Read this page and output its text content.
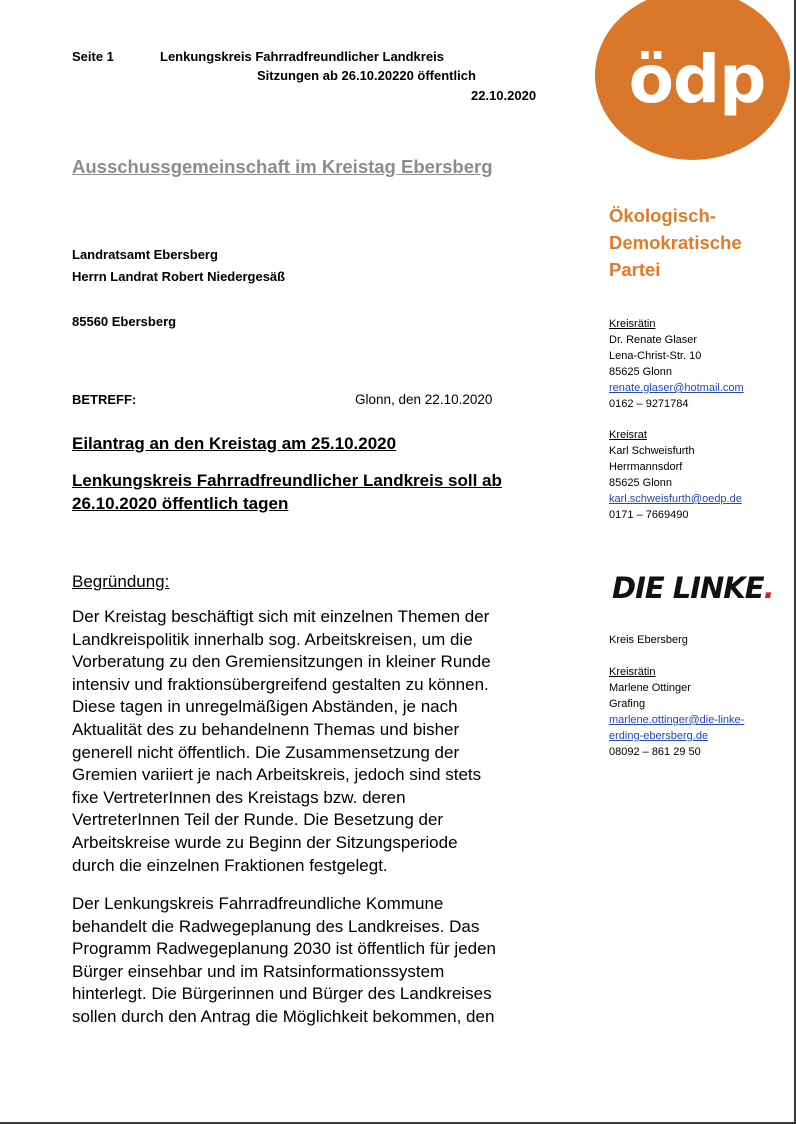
Seite 1	Lenkungskreis Fahrradfreundlicher Landkreis
Sitzungen ab 26.10.20220 öffentlich
22.10.2020 ödp
Ökologisch-
Demokratische
Partei
Ausschussgemeinschaft im Kreistag Ebersberg
Landratsamt Ebersberg
Herrn Landrat Robert Niedergesäß
85560 Ebersberg
BETREFF:	Glonn, den 22.10.2020
Eilantrag an den Kreistag am 25.10.2020
Lenkungskreis Fahrradfreundlicher Landkreis soll ab
26.10.2020 öffentlich tagen
Begründung:
Der Kreistag beschäftigt sich mit einzelnen Themen der
Landkreispolitik innerhalb sog. Arbeitskreisen, um die
Vorberatung zu den Gremiensitzungen in kleiner Runde
intensiv und fraktionsübergreifend gestalten zu können.
Diese tagen in unregelmäßigen Abständen, je nach
Aktualität des zu behandelnenn Themas und bisher
generell nicht öffentlich. Die Zusammensetzung der
Gremien variiert je nach Arbeitskreis, jedoch sind stets
fixe VertreterInnen des Kreistags bzw. deren
VertreterInnen Teil der Runde. Die Besetzung der
Arbeitskreise wurde zu Beginn der Sitzungsperiode
durch die einzelnen Fraktionen festgelegt.
Der Lenkungskreis Fahrradfreundliche Kommune
behandelt die Radwegeplanung des Landkreises. Das
Programm Radwegeplanung 2030 ist öffentlich für jeden
Bürger einsehbar und im Ratsinformationssystem
hinterlegt. Die Bürgerinnen und Bürger des Landkreises
sollen durch den Antrag die Möglichkeit bekommen, den
Kreisrätin
Dr. Renate Glaser
Lena-Christ-Str. 10
85625 Glonn
renate.glaser@hotmail.com
0162 – 9271784
Kreisrat
Karl Schweisfurth
Herrmannsdorf
85625 Glonn
karl.schweisfurth@oedp.de
0171 – 7669490
DIE LINKE.
Kreis Ebersberg
Kreisrätin
Marlene Ottinger
Grafing
marlene.ottinger@die-linke-
erding-ebersberg.de
08092 – 861 29 50
